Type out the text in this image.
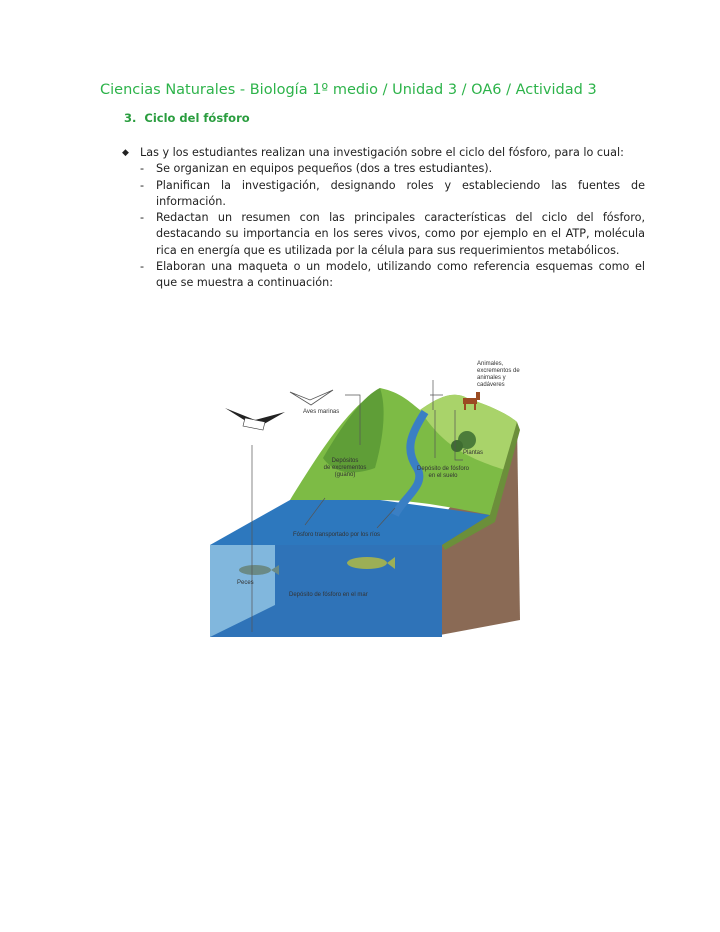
Ciencias Naturales - Biología 1º medio / Unidad 3 / OA6 / Actividad 3
3. Ciclo del fósforo
◆ Las y los estudiantes realizan una investigación sobre el ciclo del fósforo, para lo cual:
- Se organizan en equipos pequeños (dos a tres estudiantes).
- Planifican la investigación, designando roles y estableciendo las fuentes de información.
- Redactan un resumen con las principales características del ciclo del fósforo, destacando su importancia en los seres vivos, como por ejemplo en el ATP, molécula rica en energía que es utilizada por la célula para sus requerimientos metabólicos.
- Elaboran una maqueta o un modelo, utilizando como referencia esquemas como el que se muestra a continuación:
Animales,
excrementos de
animales y
cadáveres
Aves marinas
Depósitos
de excrementos
(guano)
Plantas
Depósito de fósforo
en el suelo
Fósforo transportado por los ríos
Peces
Depósito de fósforo en el mar
